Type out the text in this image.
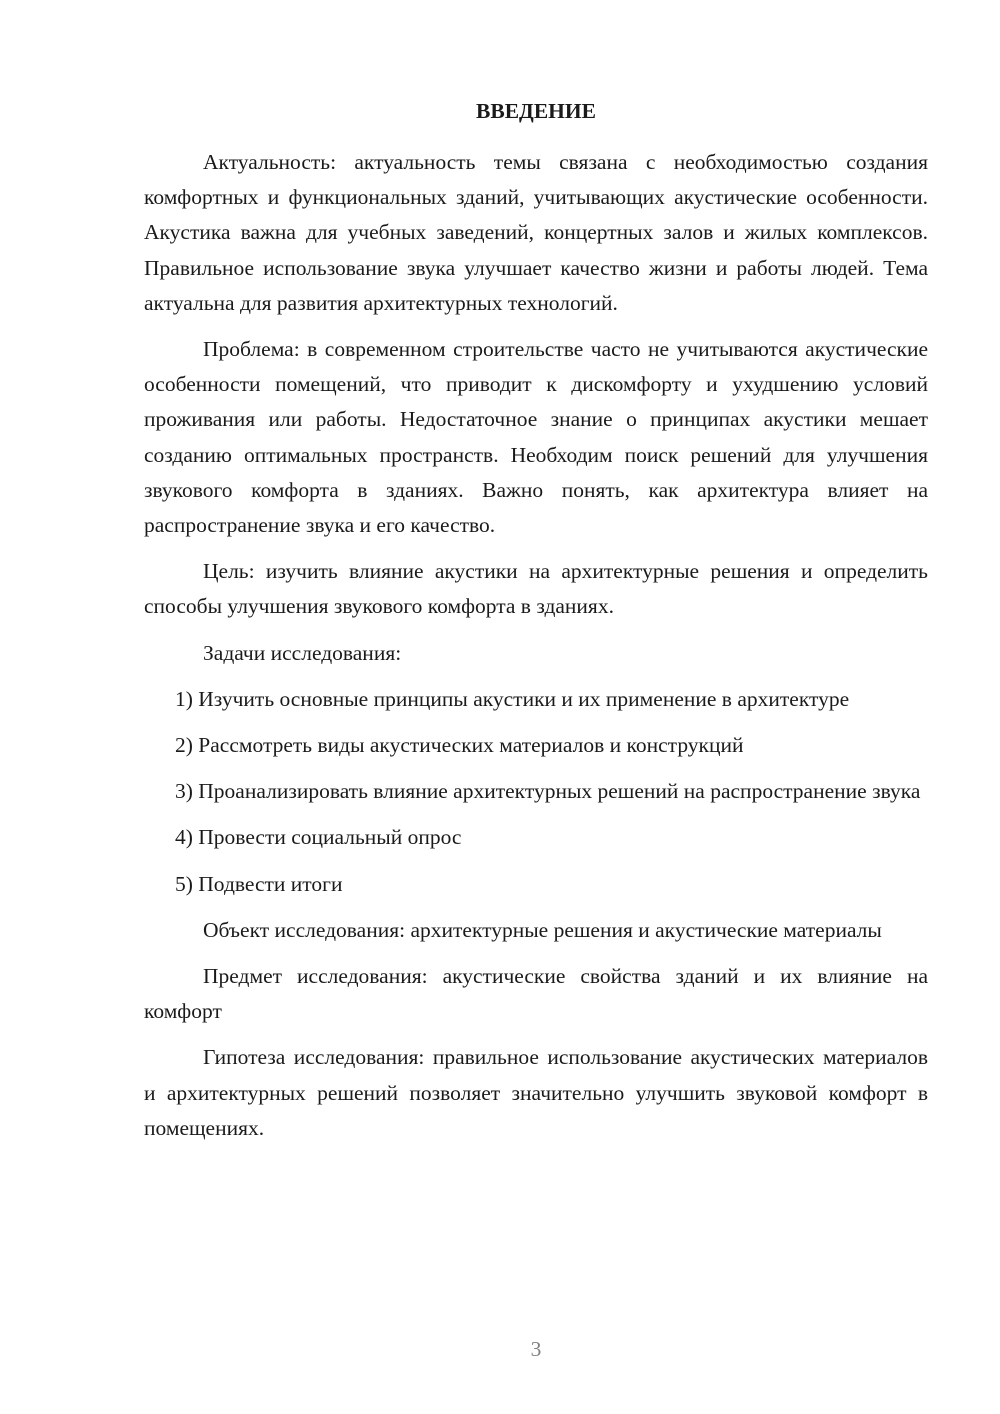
ВВЕДЕНИЕ

Актуальность: актуальность темы связана с необходимостью создания комфортных и функциональных зданий, учитывающих акустические особенности. Акустика важна для учебных заведений, концертных залов и жилых комплексов. Правильное использование звука улучшает качество жизни и работы людей. Тема актуальна для развития архитектурных технологий.

Проблема: в современном строительстве часто не учитываются акустические особенности помещений, что приводит к дискомфорту и ухудшению условий проживания или работы. Недостаточное знание о принципах акустики мешает созданию оптимальных пространств. Необходим поиск решений для улучшения звукового комфорта в зданиях. Важно понять, как архитектура влияет на распространение звука и его качество.

Цель: изучить влияние акустики на архитектурные решения и определить способы улучшения звукового комфорта в зданиях.

Задачи исследования:

1) Изучить основные принципы акустики и их применение в архитектуре

2) Рассмотреть виды акустических материалов и конструкций

3) Проанализировать влияние архитектурных решений на распространение звука

4) Провести социальный опрос

5) Подвести итоги

Объект исследования: архитектурные решения и акустические материалы

Предмет исследования: акустические свойства зданий и их влияние на комфорт

Гипотеза исследования: правильное использование акустических материалов и архитектурных решений позволяет значительно улучшить звуковой комфорт в помещениях.

3
